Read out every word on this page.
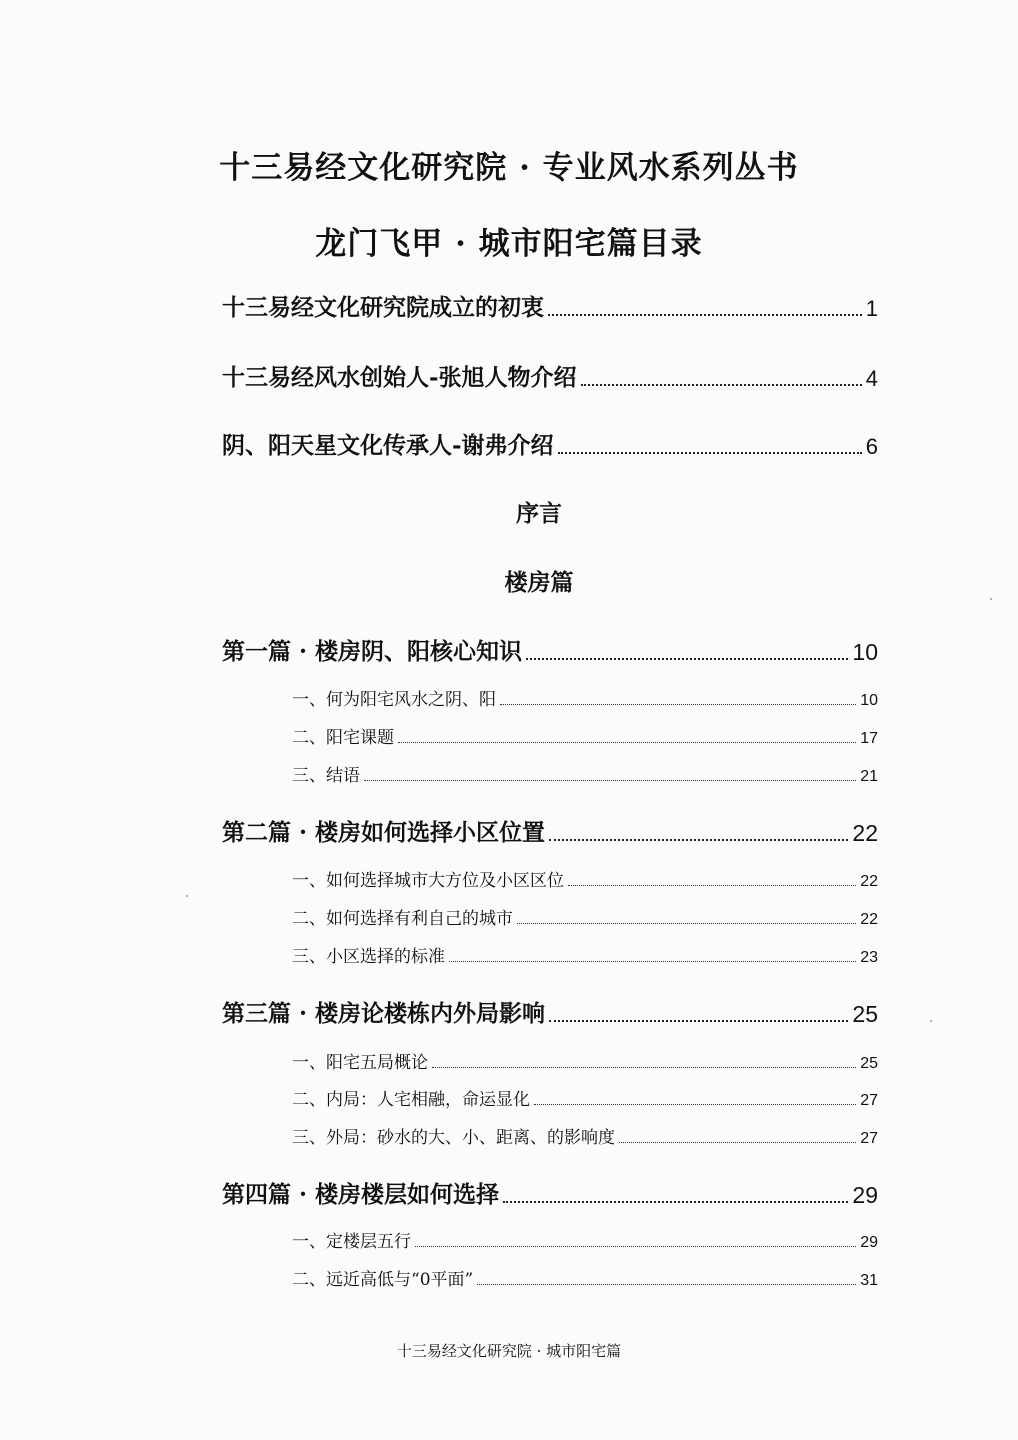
十三易经文化研究院 · 专业风水系列丛书
龙门飞甲 · 城市阳宅篇目录
十三易经文化研究院成立的初衷	1
十三易经风水创始人-张旭人物介绍	4
阴、阳天星文化传承人-谢弗介绍	6
序言
楼房篇
第一篇 · 楼房阴、阳核心知识	10
一、何为阳宅风水之阴、阳	10
二、阳宅课题	17
三、结语	21
第二篇 · 楼房如何选择小区位置	22
一、如何选择城市大方位及小区区位	22
二、如何选择有利自己的城市	22
三、小区选择的标准	23
第三篇 · 楼房论楼栋内外局影响	25
一、阳宅五局概论	25
二、内局：人宅相融，命运显化	27
三、外局：砂水的大、小、距离、的影响度	27
第四篇 · 楼房楼层如何选择	29
一、定楼层五行	29
二、远近高低与“0平面”	31
十三易经文化研究院 · 城市阳宅篇
